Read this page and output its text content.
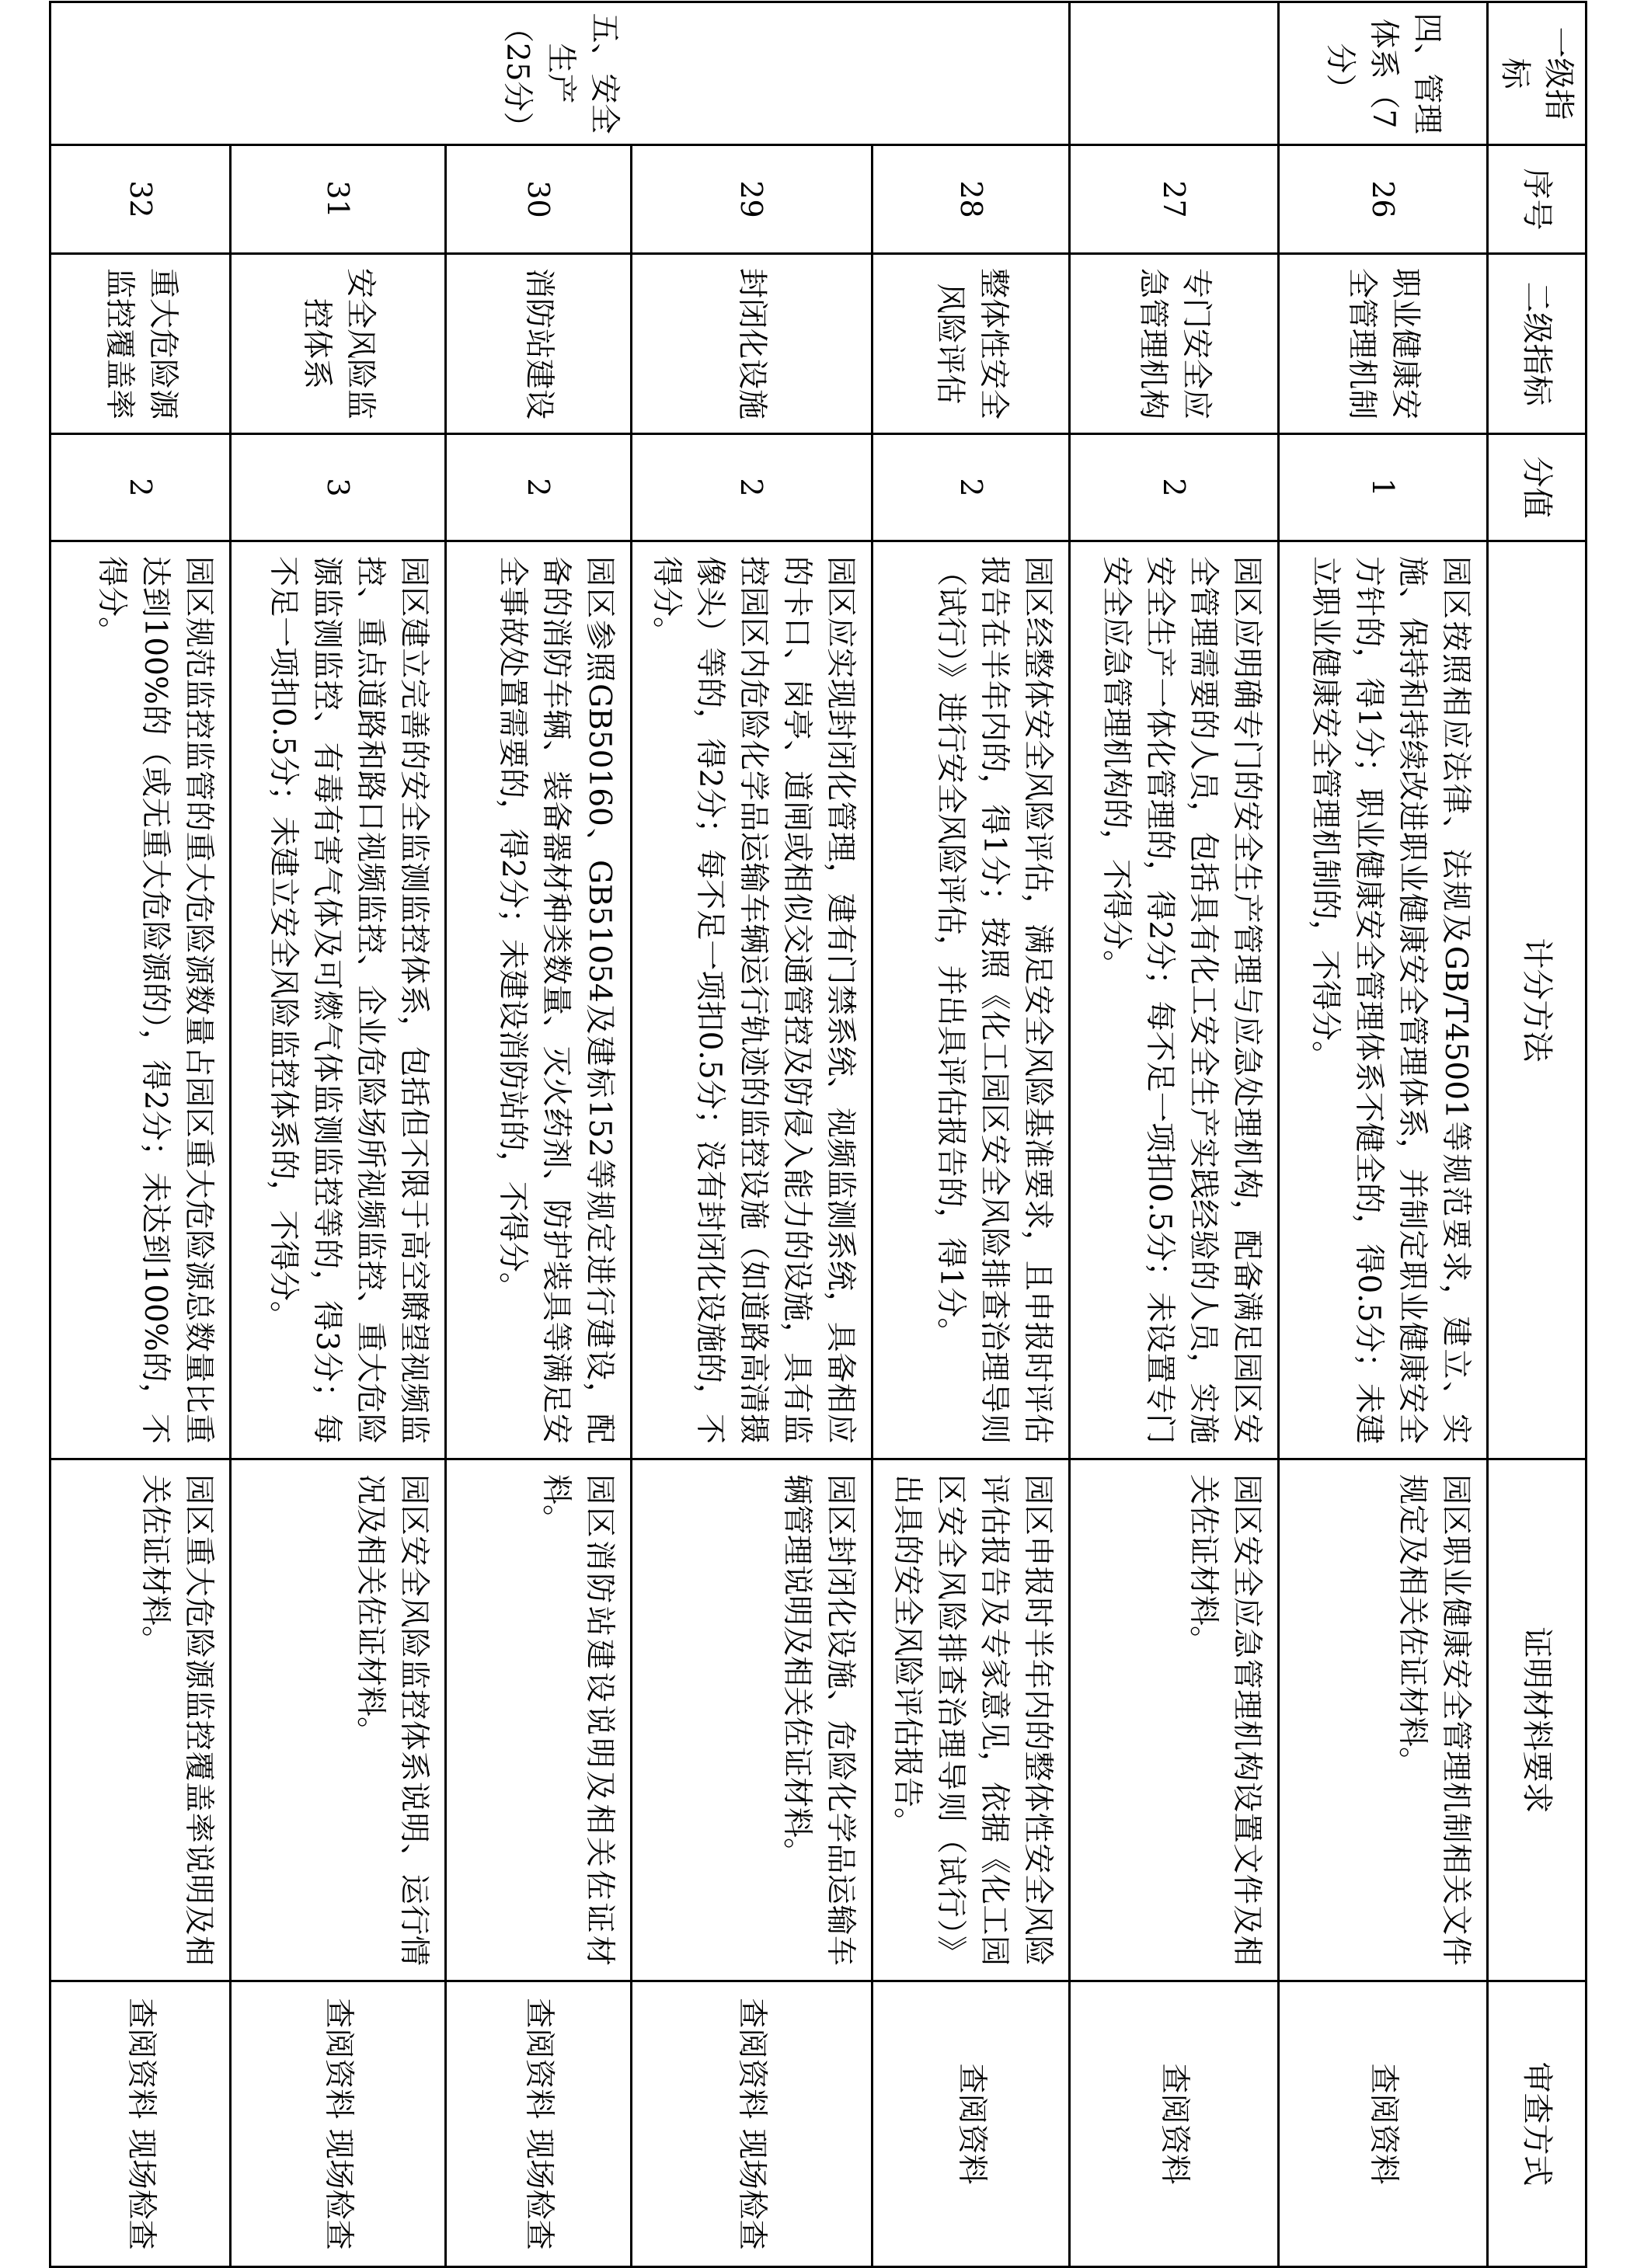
一级指标	序号	二级指标	分值	计分方法	证明材料要求	审查方式
四、管理体系（7分）	26	职业健康安全管理机制	1	园区按照相应法律、法规及GB/T45001等规范要求，建立、实施、保持和持续改进职业健康安全管理体系，并制定职业健康安全方针的，得1分；职业健康安全管理体系不健全的，得0.5分；未建立职业健康安全管理机制的，不得分。	园区职业健康安全管理机制相关文件规定及相关佐证材料。	查阅资料
	27	专门安全应急管理机构	2	园区应明确专门的安全生产管理与应急处理机构，配备满足园区安全管理需要的人员，包括具有化工安全生产实践经验的人员，实施安全生产一体化管理的，得2分；每不足一项扣0.5分；未设置专门安全应急管理机构的，不得分。	园区安全应急管理机构设置文件及相关佐证材料。	查阅资料
五、安全生产（25分）	28	整体性安全风险评估	2	园区经整体安全风险评估，满足安全风险基准要求，且申报时评估报告在半年内的，得1分；按照《化工园区安全风险排查治理导则（试行）》进行安全风险评估，并出具评估报告的，得1分。	园区申报时半年内的整体性安全风险评估报告及专家意见，依据《化工园区安全风险排查治理导则（试行）》出具的安全风险评估报告。	查阅资料
	29	封闭化设施	2	园区应实现封闭化管理，建有门禁系统、视频监测系统，具备相应的卡口、岗亭、道闸或相似交通管控及防侵入能力的设施，具有监控园区内危险化学品运输车辆运行轨迹的监控设施（如道路高清摄像头）等的，得2分；每不足一项扣0.5分；没有封闭化设施的，不得分。	园区封闭化设施、危险化学品运输车辆管理说明及相关佐证材料。	查阅资料 现场检查
	30	消防站建设	2	园区参照GB50160、GB51054及建标152等规定进行建设，配备的消防车辆、装备器材种类数量、灭火药剂、防护装具等满足安全事故处置需要的，得2分；未建设消防站的，不得分。	园区消防站建设说明及相关佐证材料。	查阅资料 现场检查
	31	安全风险监控体系	3	园区建立完善的安全监测监控体系，包括但不限于高空瞭望视频监控、重点道路和路口视频监控、企业危险场所视频监控、重大危险源监测监控、有毒有害气体及可燃气体监测监控等的，得3分；每不足一项扣0.5分；未建立安全风险监控体系的，不得分。	园区安全风险监控体系说明、运行情况及相关佐证材料。	查阅资料 现场检查
	32	重大危险源监控覆盖率	2	园区规范监控监管的重大危险源数量占园区重大危险源总数量比重达到100%的（或无重大危险源的），得2分；未达到100%的，不得分。	园区重大危险源监控覆盖率说明及相关佐证材料。	查阅资料 现场检查
